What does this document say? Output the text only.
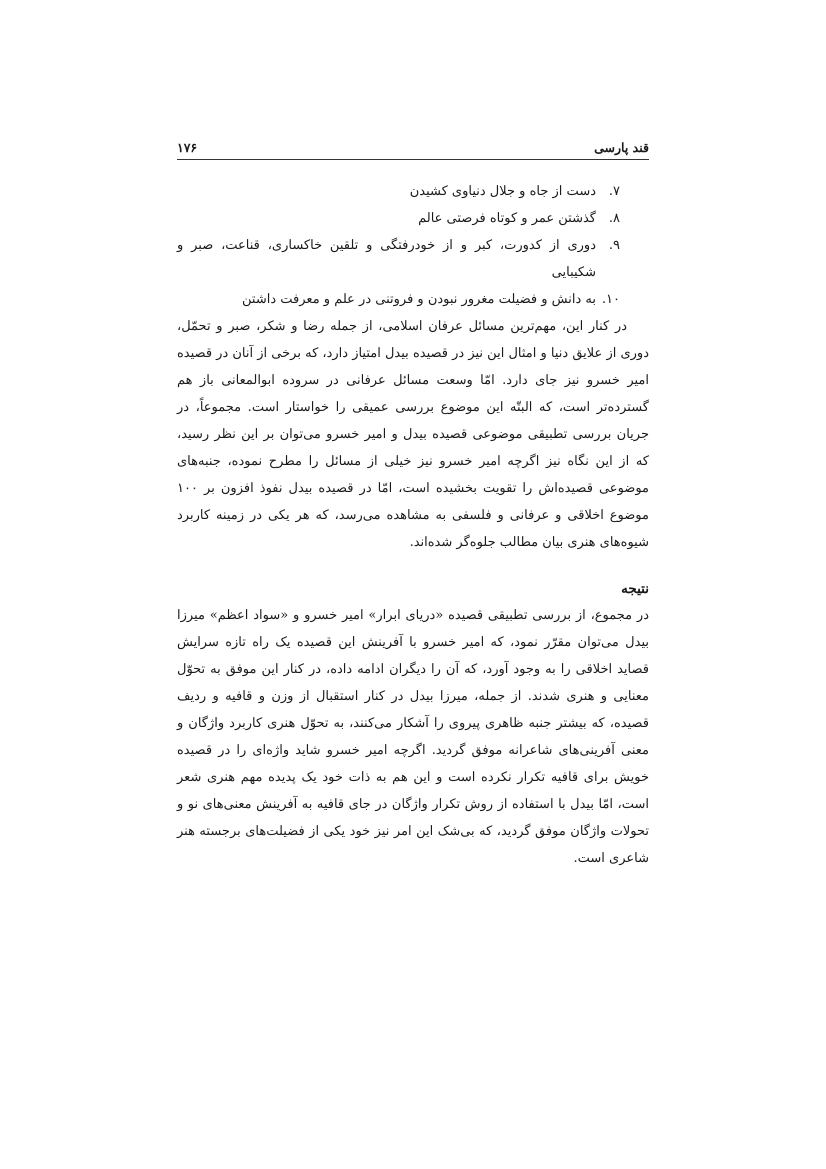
قند پارسی
۱۷۶
۷.
دست از جاه و جلال دنیاوی کشیدن
۸.
گذشتن عمر و کوتاه فرصتی عالم
۹.
دوری از کدورت، کبر و از خودرفتگی و تلقین خاکساری، قناعت، صبر و شکیبایی
۱۰.
به دانش و فضیلت مغرور نبودن و فروتنی در علم و معرفت داشتن

در کنار این، مهم‌ترین مسائل عرفان اسلامی، از جمله رضا و شکر، صبر و تحمّل، دوری از علایق دنیا و امثال این نیز در قصیده بیدل امتیاز دارد، که برخی از آنان در قصیده امیر خسرو نیز جای دارد. امّا وسعت مسائل عرفانی در سروده ابوالمعانی باز هم گسترده‌تر است، که البتّه این موضوع بررسی عمیقی را خواستار است. مجموعاً، در جریان بررسی تطبیقی موضوعی قصیده بیدل و امیر خسرو می‌توان بر این نظر رسید، که از این نگاه نیز اگرچه امیر خسرو نیز خیلی از مسائل را مطرح نموده، جنبه‌های موضوعی قصیده‌اش را تقویت بخشیده است، امّا در قصیده بیدل نفوذ افزون بر ۱۰۰ موضوع اخلاقی و عرفانی و فلسفی به مشاهده می‌رسد، که هر یکی در زمینه کاربرد شیوه‌های هنری بیان مطالب جلوه‌گر شده‌اند.

نتیجه

در مجموع، از بررسی تطبیقی قصیده «دریای ابرار» امیر خسرو و «سواد اعظم» میرزا بیدل می‌توان مقرّر نمود، که امیر خسرو با آفرینش این قصیده یک راه تازه سرایش قصاید اخلاقی را به وجود آورد، که آن را دیگران ادامه داده، در کنار این موفق به تحوّل معنایی و هنری شدند. از جمله، میرزا بیدل در کنار استقبال از وزن و قافیه و ردیف قصیده، که بیشتر جنبه ظاهری پیروی را آشکار می‌کنند، به تحوّل هنری کاربرد واژگان و معنی آفرینی‌های شاعرانه موفق گردید. اگرچه امیر خسرو شاید واژه‌ای را در قصیده خویش برای قافیه تکرار نکرده است و این هم به ذات خود یک پدیده مهم هنری شعر است، امّا بیدل با استفاده از روش تکرار واژگان در جای قافیه به آفرینش معنی‌های نو و تحولات واژگان موفق گردید، که بی‌شک این امر نیز خود یکی از فضیلت‌های برجسته هنر شاعری است.
